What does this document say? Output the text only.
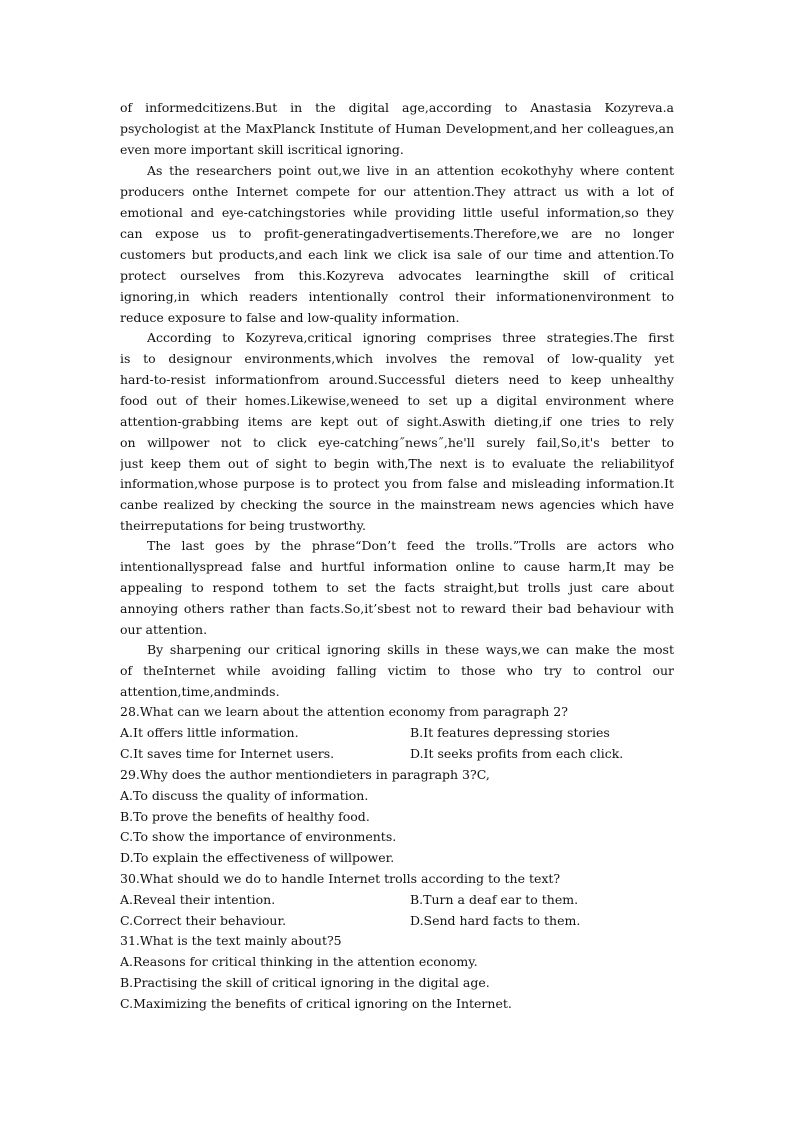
of informedcitizens.But in the digital age,according to Anastasia Kozyreva.a
psychologist at the MaxPlanck Institute of Human Development,and her colleagues,an
even more important skill iscritical ignoring.
As the researchers point out,we live in an attention ecokothyhy where content
producers onthe Internet compete for our attention.They attract us with a lot of
emotional and eye-catchingstories while providing little useful information,so they
can expose us to profit-generatingadvertisements.Therefore,we are no longer
customers but products,and each link we click isa sale of our time and attention.To
protect ourselves from this.Kozyreva advocates learningthe skill of critical
ignoring,in which readers intentionally control their informationenvironment to
reduce exposure to false and low-quality information.
According to Kozyreva,critical ignoring comprises three strategies.The first
is to designour environments,which involves the removal of low-quality yet
hard-to-resist informationfrom around.Successful dieters need to keep unhealthy
food out of their homes.Likewise,weneed to set up a digital environment where
attention-grabbing items are kept out of sight.Aswith dieting,if one tries to rely
on willpower not to click eye-catching˝news˝,he'll surely fail,So,it's better to
just keep them out of sight to begin with,The next is to evaluate the reliabilityof
information,whose purpose is to protect you from false and misleading information.It
canbe realized by checking the source in the mainstream news agencies which have
theirreputations for being trustworthy.
The last goes by the phrase“Don’t feed the trolls.”Trolls are actors who
intentionallyspread false and hurtful information online to cause harm,It may be
appealing to respond tothem to set the facts straight,but trolls just care about
annoying others rather than facts.So,it’sbest not to reward their bad behaviour with
our attention.
By sharpening our critical ignoring skills in these ways,we can make the most
of theInternet while avoiding falling victim to those who try to control our
attention,time,andminds.
28.What can we learn about the attention economy from paragraph 2?
A.It offers little information.	B.It features depressing stories
C.It saves time for Internet users.	D.It seeks profits from each click.
29.Why does the author mentiondieters in paragraph 3?C,
A.To discuss the quality of information.
B.To prove the benefits of healthy food.
C.To show the importance of environments.
D.To explain the effectiveness of willpower.
30.What should we do to handle Internet trolls according to the text?
A.Reveal their intention.	B.Turn a deaf ear to them.
C.Correct their behaviour.	D.Send hard facts to them.
31.What is the text mainly about?5
A.Reasons for critical thinking in the attention economy.
B.Practising the skill of critical ignoring in the digital age.
C.Maximizing the benefits of critical ignoring on the Internet.
